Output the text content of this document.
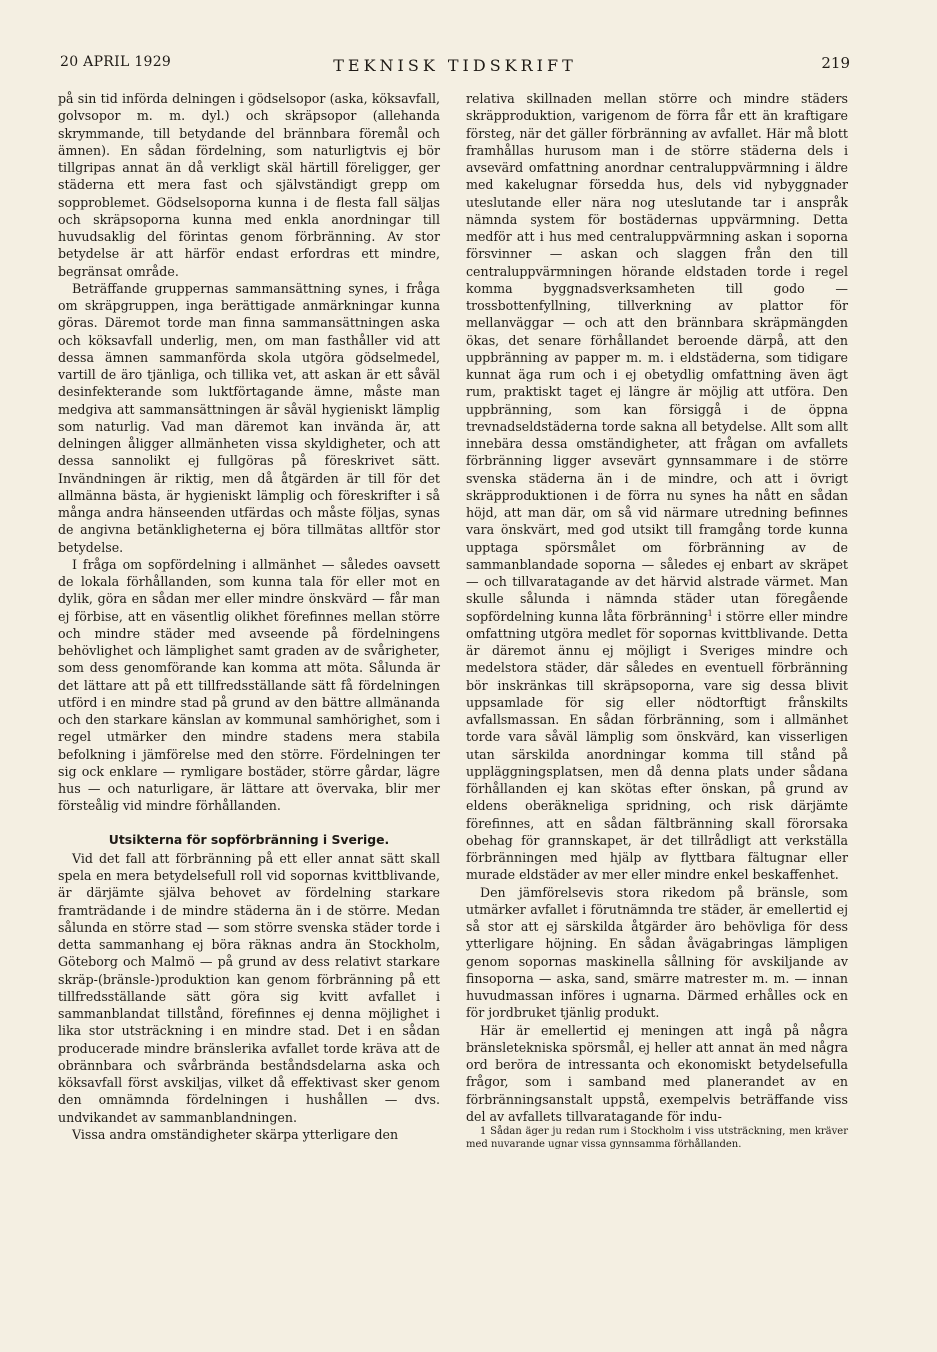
20 APRIL 1929	TEKNISK TIDSKRIFT	219

på sin tid införda delningen i gödselsopor (aska, köksavfall, golvsopor m. m. dyl.) och skräpsopor (allehanda skrymmande, till betydande del brännbara föremål och ämnen). En sådan fördelning, som naturligtvis ej bör tillgripas annat än då verkligt skäl härtill föreligger, ger städerna ett mera fast och självständigt grepp om sopproblemet. Gödselsoporna kunna i de flesta fall säljas och skräpsoporna kunna med enkla anordningar till huvudsaklig del förintas genom förbränning. Av stor betydelse är att härför endast erfordras ett mindre, begränsat område.

Beträffande gruppernas sammansättning synes, i fråga om skräpgruppen, inga berättigade anmärkningar kunna göras. Däremot torde man finna sammansättningen aska och köksavfall underlig, men, om man fasthåller vid att dessa ämnen sammanförda skola utgöra gödselmedel, vartill de äro tjänliga, och tillika vet, att askan är ett såväl desinfekterande som luktförtagande ämne, måste man medgiva att sammansättningen är såväl hygieniskt lämplig som naturlig. Vad man däremot kan invända är, att delningen åligger allmänheten vissa skyldigheter, och att dessa sannolikt ej fullgöras på föreskrivet sätt. Invändningen är riktig, men då åtgärden är till för det allmänna bästa, är hygieniskt lämplig och föreskrifter i så många andra hänseenden utfärdas och måste följas, synas de angivna betänkligheterna ej böra tillmätas alltför stor betydelse.

I fråga om sopfördelning i allmänhet — således oavsett de lokala förhållanden, som kunna tala för eller mot en dylik, göra en sådan mer eller mindre önskvärd — får man ej förbise, att en väsentlig olikhet förefinnes mellan större och mindre städer med avseende på fördelningens behövlighet och lämplighet samt graden av de svårigheter, som dess genomförande kan komma att möta. Sålunda är det lättare att på ett tillfredsställande sätt få fördelningen utförd i en mindre stad på grund av den bättre allmänanda och den starkare känslan av kommunal samhörighet, som i regel utmärker den mindre stadens mera stabila befolkning i jämförelse med den större. Fördelningen ter sig ock enklare — rymligare bostäder, större gårdar, lägre hus — och naturligare, är lättare att övervaka, blir mer försteålig vid mindre förhållanden.

Utsikterna för sopförbränning i Sverige.

Vid det fall att förbränning på ett eller annat sätt skall spela en mera betydelsefull roll vid sopornas kvittblivande, är därjämte själva behovet av fördelning starkare framträdande i de mindre städerna än i de större. Medan sålunda en större stad — som större svenska städer torde i detta sammanhang ej böra räknas andra än Stockholm, Göteborg och Malmö — på grund av dess relativt starkare skräp-(bränsle-)produktion kan genom förbränning på ett tillfredsställande sätt göra sig kvitt avfallet i sammanblandat tillstånd, förefinnes ej denna möjlighet i lika stor utsträckning i en mindre stad. Det i en sådan producerade mindre bränslerika avfallet torde kräva att de obrännbara och svårbrända beståndsdelarna aska och köksavfall först avskiljas, vilket då effektivast sker genom den omnämnda fördelningen i hushållen — dvs. undvikandet av sammanblandningen.

Vissa andra omständigheter skärpa ytterligare den

relativa skillnaden mellan större och mindre städers skräpproduktion, varigenom de förra får ett än kraftigare försteg, när det gäller förbränning av avfallet. Här må blott framhållas hurusom man i de större städerna dels i avsevärd omfattning anordnar centraluppvärmning i äldre med kakelugnar försedda hus, dels vid nybyggnader uteslutande eller nära nog uteslutande tar i anspråk nämnda system för bostädernas uppvärmning. Detta medför att i hus med centraluppvärmning askan i soporna försvinner — askan och slaggen från den till centraluppvärmningen hörande eldstaden torde i regel komma byggnadsverksamheten till godo — trossbottenfyllning, tillverkning av plattor för mellanväggar — och att den brännbara skräpmängden ökas, det senare förhållandet beroende därpå, att den uppbränning av papper m. m. i eldstäderna, som tidigare kunnat äga rum och i ej obetydlig omfattning även ägt rum, praktiskt taget ej längre är möjlig att utföra. Den uppbränning, som kan försiggå i de öppna trevnadseldstäderna torde sakna all betydelse. Allt som allt innebära dessa omständigheter, att frågan om avfallets förbränning ligger avsevärt gynnsammare i de större svenska städerna än i de mindre, och att i övrigt skräpproduktionen i de förra nu synes ha nått en sådan höjd, att man där, om så vid närmare utredning befinnes vara önskvärt, med god utsikt till framgång torde kunna upptaga spörsmålet om förbränning av de sammanblandade soporna — således ej enbart av skräpet — och tillvaratagande av det härvid alstrade värmet. Man skulle sålunda i nämnda städer utan föregående sopfördelning kunna låta förbränning$^1$ i större eller mindre omfattning utgöra medlet för sopornas kvittblivande. Detta är däremot ännu ej möjligt i Sveriges mindre och medelstora städer, där således en eventuell förbränning bör inskränkas till skräpsoporna, vare sig dessa blivit uppsamlade för sig eller nödtorftigt frånskilts avfallsmassan. En sådan förbränning, som i allmänhet torde vara såväl lämplig som önskvärd, kan visserligen utan särskilda anordningar komma till stånd på uppläggningsplatsen, men då denna plats under sådana förhållanden ej kan skötas efter önskan, på grund av eldens oberäkneliga spridning, och risk därjämte förefinnes, att en sådan fältbränning skall förorsaka obehag för grannskapet, är det tillrådligt att verkställa förbränningen med hjälp av flyttbara fältugnar eller murade eldstäder av mer eller mindre enkel beskaffenhet.

Den jämförelsevis stora rikedom på bränsle, som utmärker avfallet i förutnämnda tre städer, är emellertid ej så stor att ej särskilda åtgärder äro behövliga för dess ytterligare höjning. En sådan åvägabringas lämpligen genom sopornas maskinella sållning för avskiljande av finsoporna — aska, sand, smärre matrester m. m. — innan huvudmassan införes i ugnarna. Därmed erhålles ock en för jordbruket tjänlig produkt.

Här är emellertid ej meningen att ingå på några bränsletekniska spörsmål, ej heller att annat än med några ord beröra de intressanta och ekonomiskt betydelsefulla frågor, som i samband med planerandet av en förbränningsanstalt uppstå, exempelvis beträffande viss del av avfallets tillvaratagande för indu-

1 Sådan äger ju redan rum i Stockholm i viss utsträckning, men kräver med nuvarande ugnar vissa gynnsamma förhållanden.
